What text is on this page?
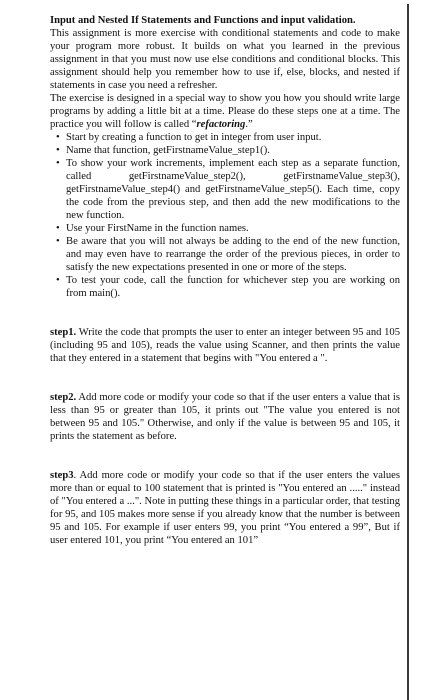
Input and Nested If Statements and Functions and input validation.

This assignment is more exercise with conditional statements and code to make your program more robust. It builds on what you learned in the previous assignment in that you must now use else conditions and conditional blocks. This assignment should help you remember how to use if, else, blocks, and nested if statements in case you need a refresher.

The exercise is designed in a special way to show you how you should write large programs by adding a little bit at a time. Please do these steps one at a time. The practice you will follow is called “refactoring.”

• Start by creating a function to get in integer from user input.
• Name that function, getFirstnameValue_step1().
• To show your work increments, implement each step as a separate function, called getFirstnameValue_step2(), getFirstnameValue_step3(), getFirstnameValue_step4() and getFirstnameValue_step5(). Each time, copy the code from the previous step, and then add the new modifications to the new function.
• Use your FirstName in the function names.
• Be aware that you will not always be adding to the end of the new function, and may even have to rearrange the order of the previous pieces, in order to satisfy the new expectations presented in one or more of the steps.
• To test your code, call the function for whichever step you are working on from main().

step1. Write the code that prompts the user to enter an integer between 95 and 105 (including 95 and 105), reads the value using Scanner, and then prints the value that they entered in a statement that begins with "You entered a ".

step2. Add more code or modify your code so that if the user enters a value that is less than 95 or greater than 105, it prints out "The value you entered is not between 95 and 105." Otherwise, and only if the value is between 95 and 105, it prints the statement as before.

step3. Add more code or modify your code so that if the user enters the values more than or equal to 100 statement that is printed is "You entered an ....." instead of "You entered a ...". Note in putting these things in a particular order, that testing for 95, and 105 makes more sense if you already know that the number is between 95 and 105. For example if user enters 99, you print “You entered a 99”, But if user entered 101, you print “You entered an 101”
